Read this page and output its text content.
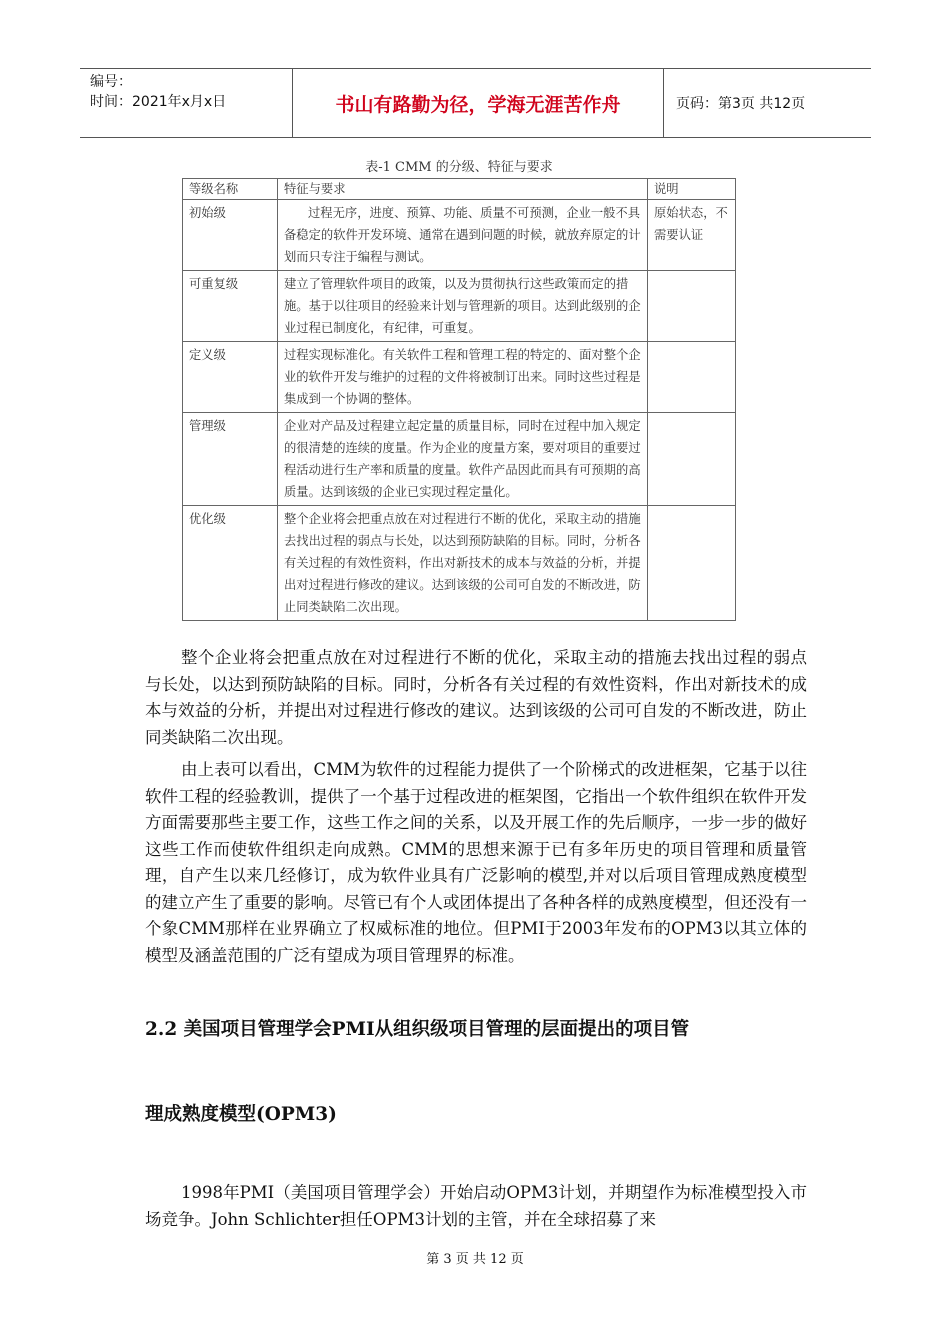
编号：
时间：2021年x月x日	书山有路勤为径，学海无涯苦作舟	页码：第3页 共12页
表-1 CMM 的分级、特征与要求
等级名称	特征与要求	说明
初始级	过程无序，进度、预算、功能、质量不可预测，企业一般不具备稳定的软件开发环境、通常在遇到问题的时候，就放弃原定的计划而只专注于编程与测试。	原始状态，不需要认证
可重复级	建立了管理软件项目的政策，以及为贯彻执行这些政策而定的措施。基于以往项目的经验来计划与管理新的项目。达到此级别的企业过程已制度化，有纪律，可重复。	
定义级	过程实现标准化。有关软件工程和管理工程的特定的、面对整个企业的软件开发与维护的过程的文件将被制订出来。同时这些过程是集成到一个协调的整体。	
管理级	企业对产品及过程建立起定量的质量目标，同时在过程中加入规定的很清楚的连续的度量。作为企业的度量方案，要对项目的重要过程活动进行生产率和质量的度量。软件产品因此而具有可预期的高质量。达到该级的企业已实现过程定量化。	
优化级	整个企业将会把重点放在对过程进行不断的优化，采取主动的措施去找出过程的弱点与长处，以达到预防缺陷的目标。同时，分析各有关过程的有效性资料，作出对新技术的成本与效益的分析，并提出对过程进行修改的建议。达到该级的公司可自发的不断改进，防止同类缺陷二次出现。	
整个企业将会把重点放在对过程进行不断的优化，采取主动的措施去找出过程的弱点与长处，以达到预防缺陷的目标。同时，分析各有关过程的有效性资料，作出对新技术的成本与效益的分析，并提出对过程进行修改的建议。达到该级的公司可自发的不断改进，防止同类缺陷二次出现。
由上表可以看出，CMM为软件的过程能力提供了一个阶梯式的改进框架，它基于以往软件工程的经验教训，提供了一个基于过程改进的框架图，它指出一个软件组织在软件开发方面需要那些主要工作，这些工作之间的关系，以及开展工作的先后顺序，一步一步的做好这些工作而使软件组织走向成熟。CMM的思想来源于已有多年历史的项目管理和质量管理，自产生以来几经修订，成为软件业具有广泛影响的模型,并对以后项目管理成熟度模型的建立产生了重要的影响。尽管已有个人或团体提出了各种各样的成熟度模型，但还没有一个象CMM那样在业界确立了权威标准的地位。但PMI于2003年发布的OPM3以其立体的模型及涵盖范围的广泛有望成为项目管理界的标准。
2.2 美国项目管理学会PMI从组织级项目管理的层面提出的项目管
理成熟度模型(OPM3)
1998年PMI（美国项目管理学会）开始启动OPM3计划，并期望作为标准模型投入市场竞争。John Schlichter担任OPM3计划的主管，并在全球招募了来
第 3 页 共 12 页
